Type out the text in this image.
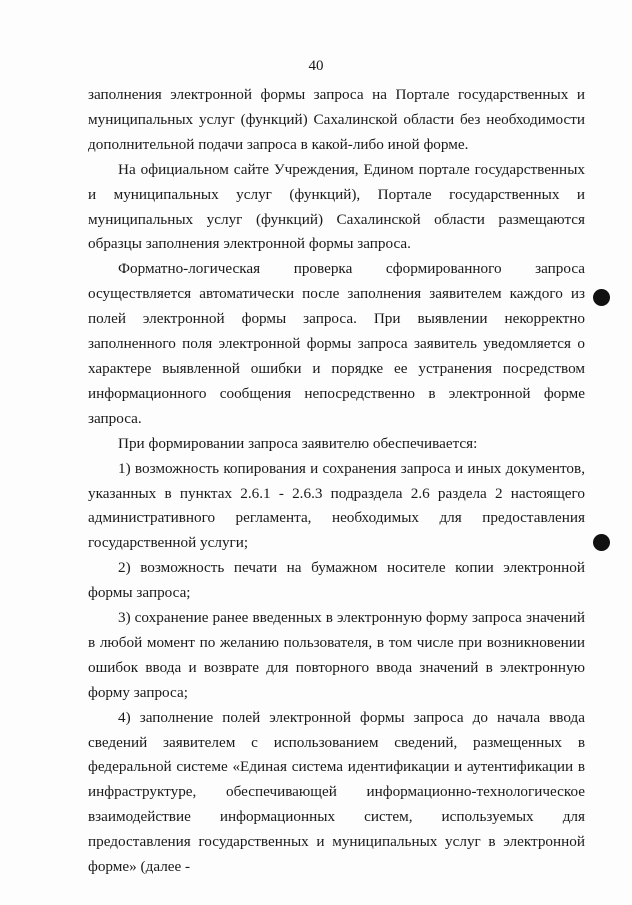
40

заполнения электронной формы запроса на Портале государственных и муниципальных услуг (функций) Сахалинской области без необходимости дополнительной подачи запроса в какой-либо иной форме.

На официальном сайте Учреждения, Едином портале государственных и муниципальных услуг (функций), Портале государственных и муниципальных услуг (функций) Сахалинской области размещаются образцы заполнения электронной формы запроса.

Форматно-логическая проверка сформированного запроса осуществляется автоматически после заполнения заявителем каждого из полей электронной формы запроса. При выявлении некорректно заполненного поля электронной формы запроса заявитель уведомляется о характере выявленной ошибки и порядке ее устранения посредством информационного сообщения непосредственно в электронной форме запроса.

При формировании запроса заявителю обеспечивается:

1) возможность копирования и сохранения запроса и иных документов, указанных в пунктах 2.6.1 - 2.6.3 подраздела 2.6 раздела 2 настоящего административного регламента, необходимых для предоставления государственной услуги;

2) возможность печати на бумажном носителе копии электронной формы запроса;

3) сохранение ранее введенных в электронную форму запроса значений в любой момент по желанию пользователя, в том числе при возникновении ошибок ввода и возврате для повторного ввода значений в электронную форму запроса;

4) заполнение полей электронной формы запроса до начала ввода сведений заявителем с использованием сведений, размещенных в федеральной системе «Единая система идентификации и аутентификации в инфраструктуре, обеспечивающей информационно-технологическое взаимодействие информационных систем, используемых для предоставления государственных и муниципальных услуг в электронной форме» (далее -
